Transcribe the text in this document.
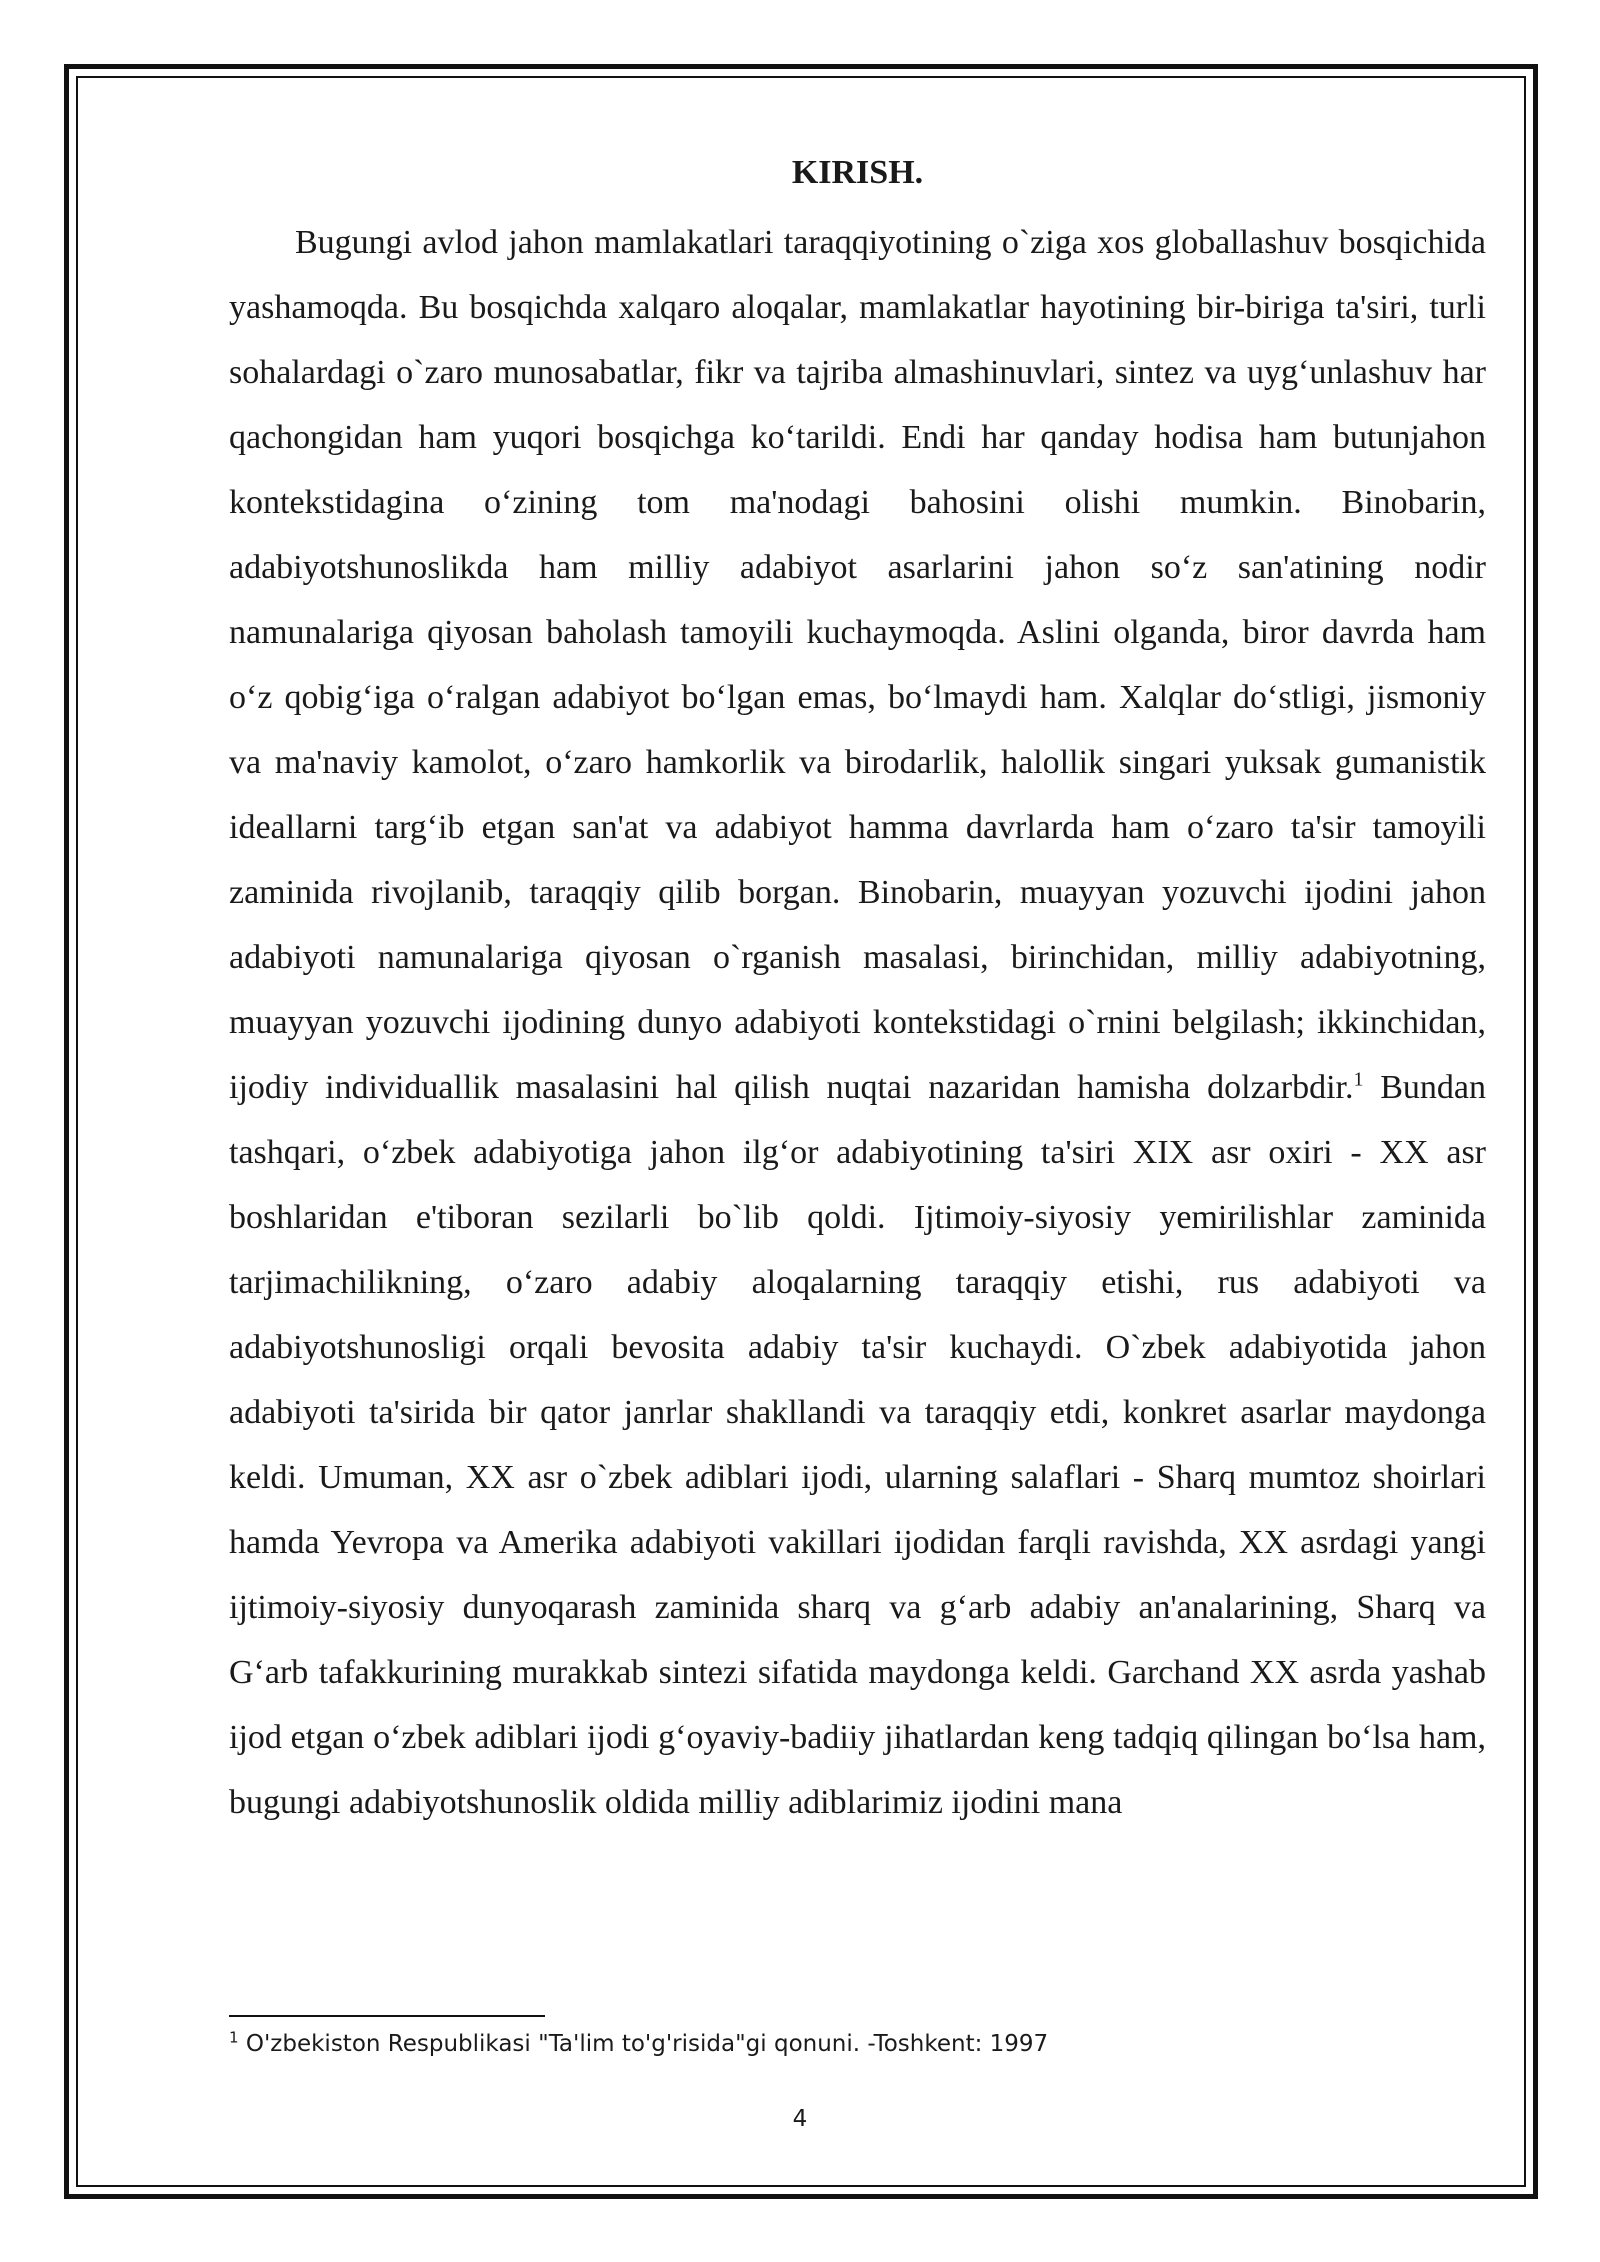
KIRISH.

Bugungi avlod jahon mamlakatlari taraqqiyotining o`ziga xos globallashuv bosqichida yashamoqda. Bu bosqichda xalqaro aloqalar, mamlakatlar hayotining bir-biriga ta'siri, turli sohalardagi o`zaro munosabatlar, fikr va tajriba almashinuvlari, sintez va uyg‘unlashuv har qachongidan ham yuqori bosqichga ko‘tarildi. Endi har qanday hodisa ham butunjahon kontekstidagina o‘zining tom ma'nodagi bahosini olishi mumkin. Binobarin, adabiyotshunoslikda ham milliy adabiyot asarlarini jahon so‘z san'atining nodir namunalariga qiyosan baholash tamoyili kuchaymoqda. Aslini olganda, biror davrda ham o‘z qobig‘iga o‘ralgan adabiyot bo‘lgan emas, bo‘lmaydi ham. Xalqlar do‘stligi, jismoniy va ma'naviy kamolot, o‘zaro hamkorlik va birodarlik, halollik singari yuksak gumanistik ideallarni targ‘ib etgan san'at va adabiyot hamma davrlarda ham o‘zaro ta'sir tamoyili zaminida rivojlanib, taraqqiy qilib borgan. Binobarin, muayyan yozuvchi ijodini jahon adabiyoti namunalariga qiyosan o`rganish masalasi, birinchidan, milliy adabiyotning, muayyan yozuvchi ijodining dunyo adabiyoti kontekstidagi o`rnini belgilash; ikkinchidan, ijodiy individuallik masalasini hal qilish nuqtai nazaridan hamisha dolzarbdir.$^1$ Bundan tashqari, o‘zbek adabiyotiga jahon ilg‘or adabiyotining ta'siri XIX asr oxiri - XX asr boshlaridan e'tiboran sezilarli bo`lib qoldi. Ijtimoiy-siyosiy yemirilishlar zaminida tarjimachilikning, o‘zaro adabiy aloqalarning taraqqiy etishi, rus adabiyoti va adabiyotshunosligi orqali bevosita adabiy ta'sir kuchaydi. O`zbek adabiyotida jahon adabiyoti ta'sirida bir qator janrlar shakllandi va taraqqiy etdi, konkret asarlar maydonga keldi. Umuman, XX asr o`zbek adiblari ijodi, ularning salaflari - Sharq mumtoz shoirlari hamda Yevropa va Amerika adabiyoti vakillari ijodidan farqli ravishda, XX asrdagi yangi ijtimoiy-siyosiy dunyoqarash zaminida sharq va g‘arb adabiy an'analarining, Sharq va G‘arb tafakkurining murakkab sintezi sifatida maydonga keldi. Garchand XX asrda yashab ijod etgan o‘zbek adiblari ijodi g‘oyaviy-badiiy jihatlardan keng tadqiq qilingan bo‘lsa ham, bugungi adabiyotshunoslik oldida milliy adiblarimiz ijodini mana

$^1$ O'zbekiston Respublikasi "Ta'lim to'g'risida"gi qonuni. -Toshkent: 1997
4
